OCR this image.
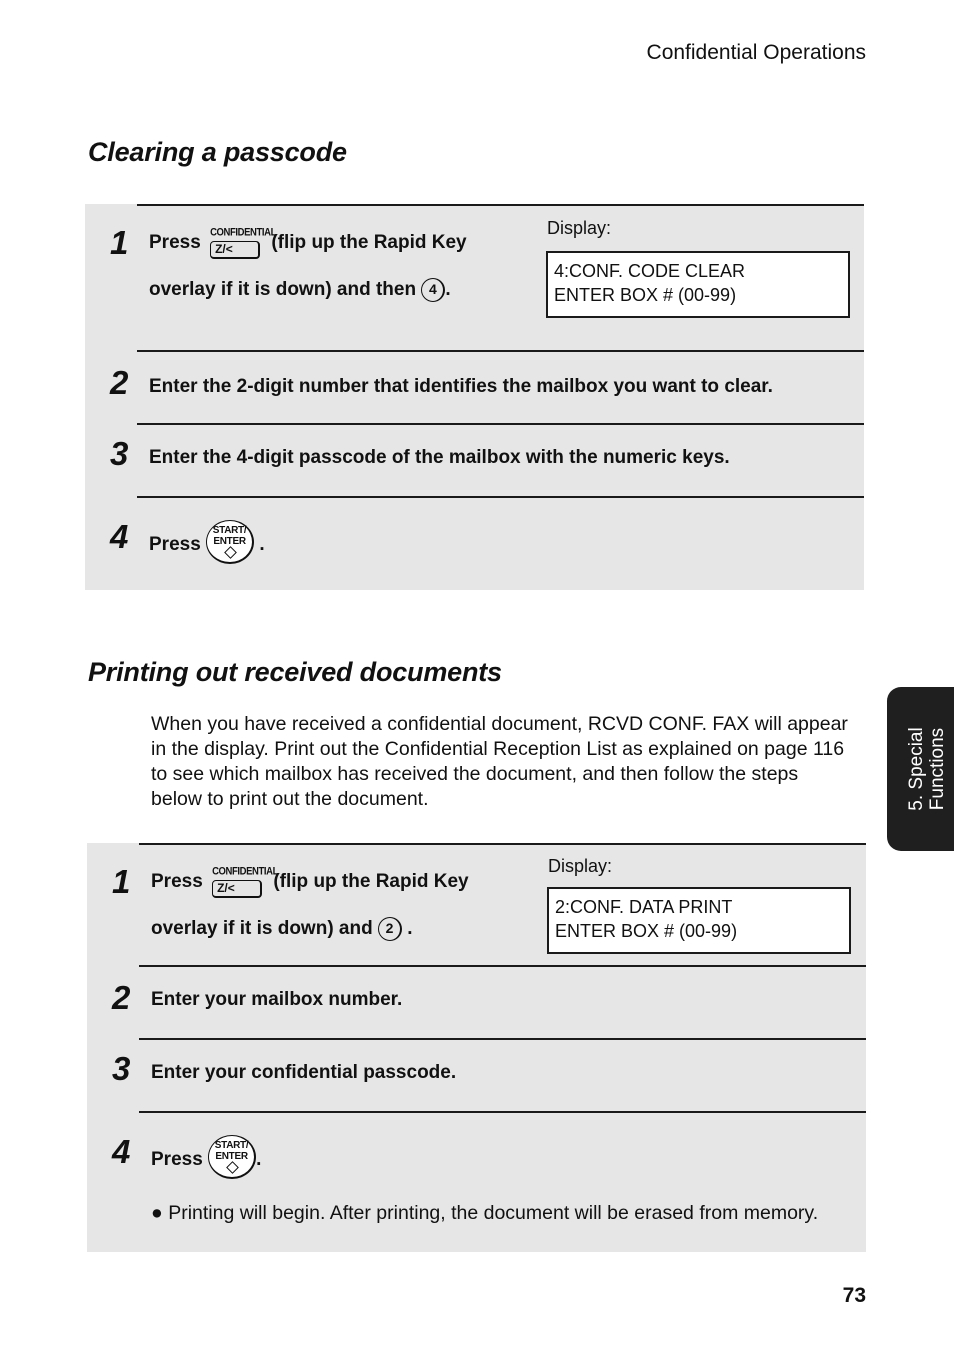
Confidential Operations
Clearing a passcode
1 Press CONFIDENTIAL
Z/<	(flip up the Rapid Key
overlay if it is down) and then 4 .
Display:
4:CONF. CODE CLEAR
ENTER BOX # (00-99)
2 Enter the 2-digit number that identifies the mailbox you want to clear.
3 Enter the 4-digit passcode of the mailbox with the numeric keys.
4 Press
START/
ENTER .
Printing out received documents

When you have received a confidential document, RCVD CONF. FAX will appear in the display. Print out the Confidential Reception List as explained on page 116 to see which mailbox has received the document, and then follow the steps below to print out the document.

1 Press CONFIDENTIAL
Z/<	(flip up the Rapid Key
overlay if it is down) and 2 .
Display:
2:CONF. DATA PRINT
ENTER BOX # (00-99)
2 Enter your mailbox number.
3 Enter your confidential passcode.
4 Press
START/
ENTER .
● Printing will begin. After printing, the document will be erased from memory.
5. Special Functions
73
